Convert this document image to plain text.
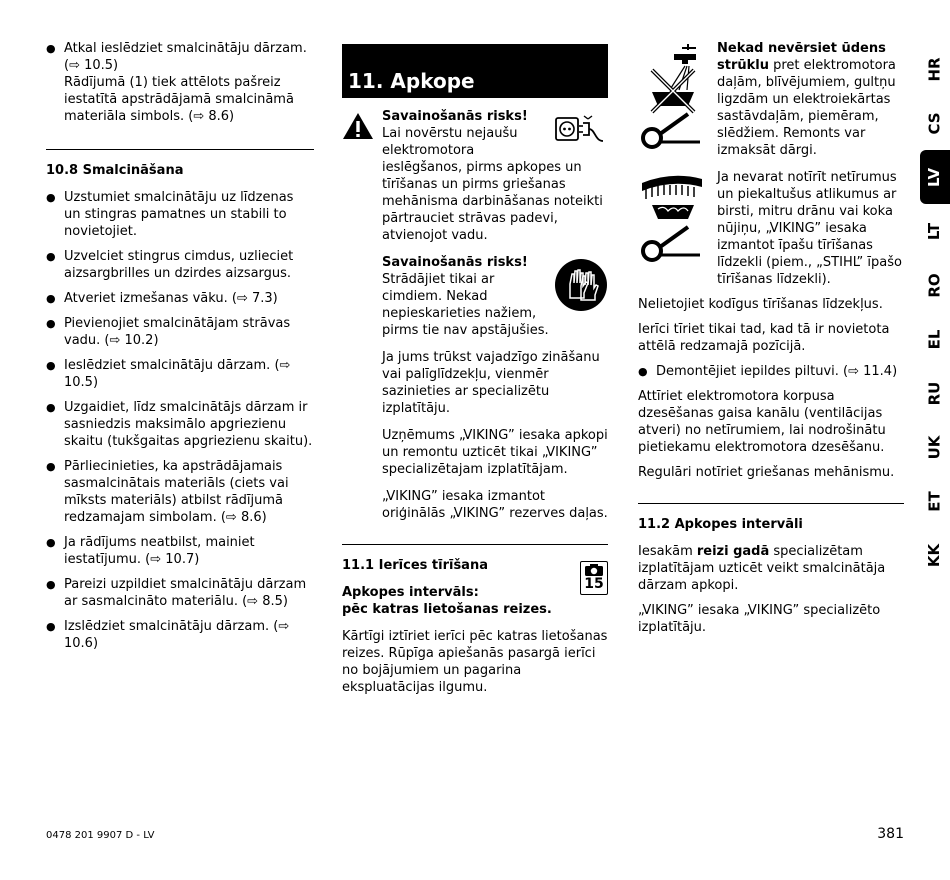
●
Atkal ieslēdziet smalcinātāju dārzam.
(⇨ 10.5)
Rādījumā (1) tiek attēlots pašreiz iestatītā apstrādājamā smalcināmā materiāla simbols. (⇨ 8.6)
10.8 Smalcināšana
●
Uzstumiet smalcinātāju uz līdzenas un stingras pamatnes un stabili to novietojiet.
●
Uzvelciet stingrus cimdus, uzlieciet aizsargbrilles un dzirdes aizsargus.
●
Atveriet izmešanas vāku. (⇨ 7.3)
●
Pievienojiet smalcinātājam strāvas vadu. (⇨ 10.2)
●
Ieslēdziet smalcinātāju dārzam. (⇨ 10.5)
●
Uzgaidiet, līdz smalcinātājs dārzam ir sasniedzis maksimālo apgriezienu skaitu (tukšgaitas apgriezienu skaitu).
●
Pārliecinieties, ka apstrādājamais sasmalcinātais materiāls (ciets vai mīksts materiāls) atbilst rādījumā redzamajam simbolam. (⇨ 8.6)
●
Ja rādījums neatbilst, mainiet iestatījumu. (⇨ 10.7)
●
Pareizi uzpildiet smalcinātāju dārzam ar sasmalcināto materiālu. (⇨ 8.5)
●
Izslēdziet smalcinātāju dārzam. (⇨ 10.6)
11. Apkope
Savainošanās risks!
Lai novērstu nejaušu elektromotora ieslēgšanos, pirms apkopes un tīrīšanas un pirms griešanas mehānisma darbināšanas noteikti pārtrauciet strāvas padevi, atvienojot vadu.
Savainošanās risks!
Strādājiet tikai ar cimdiem. Nekad nepieskarieties nažiem, pirms tie nav apstājušies.

Ja jums trūkst vajadzīgo zināšanu vai palīglīdzekļu, vienmēr sazinieties ar specializētu izplatītāju.

Uzņēmums „VIKING” iesaka apkopi un remontu uzticēt tikai „VIKING” specializētajam izplatītājam.

„VIKING” iesaka izmantot oriģinālās „VIKING” rezerves daļas.

15
11.1 Ierīces tīrīšana
Apkopes intervāls:
pēc katras lietošanas reizes.

Kārtīgi iztīriet ierīci pēc katras lietošanas reizes. Rūpīga apiešanās pasargā ierīci no bojājumiem un pagarina ekspluatācijas ilgumu.

Nekad nevērsiet ūdens strūklu pret elektromotora daļām, blīvējumiem, gultņu ligzdām un elektroiekārtas sastāvdaļām, piemēram, slēdžiem. Remonts var izmaksāt dārgi.

Ja nevarat notīrīt netīrumus un piekaltušus atlikumus ar birsti, mitru drānu vai koka nūjiņu, „VIKING” iesaka izmantot īpašu tīrīšanas līdzekli (piem., „STIHL” īpašo tīrīšanas līdzekli).

Nelietojiet kodīgus tīrīšanas līdzekļus.

Ierīci tīriet tikai tad, kad tā ir novietota attēlā redzamajā pozīcijā.

●
Demontējiet iepildes piltuvi. (⇨ 11.4)

Attīriet elektromotora korpusa dzesēšanas gaisa kanālu (ventilācijas atveri) no netīrumiem, lai nodrošinātu pietiekamu elektromotora dzesēšanu.

Regulāri notīriet griešanas mehānismu.

11.2 Apkopes intervāli

Iesakām reizi gadā specializētam izplatītājam uzticēt veikt smalcinātāja dārzam apkopi.

„VIKING” iesaka „VIKING” specializēto izplatītāju.

HR
CS
LV
LT
RO
EL
RU
UK
ET
KK
0478 201 9907 D - LV	381
